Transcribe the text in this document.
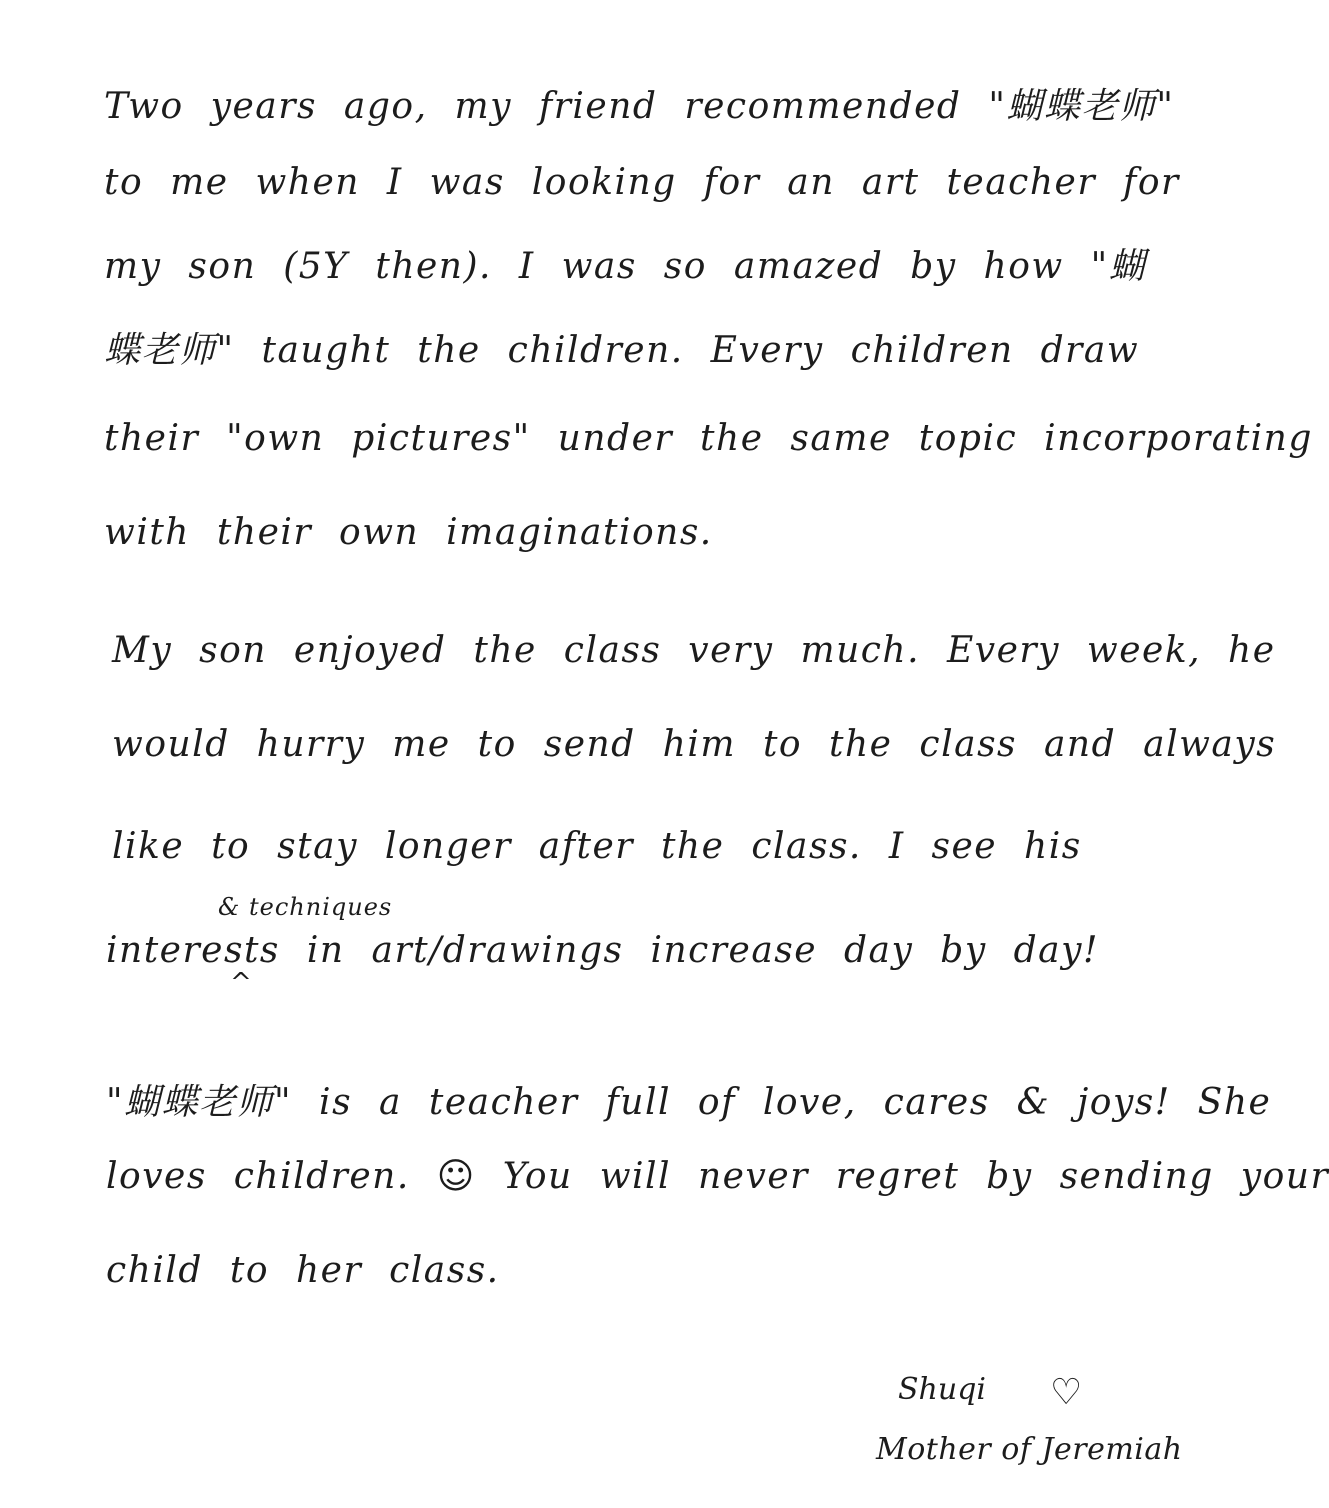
Two years ago, my friend recommended "蝴蝶老师"
to me when I was looking for an art teacher for
my son (5Y then). I was so amazed by how "蝴
蝶老师" taught the children. Every children draw
their "own pictures" under the same topic incorporating
with their own imaginations.
My son enjoyed the class very much. Every week, he
would hurry me to send him to the class and always
like to stay longer after the class. I see his
& techniques
interests in art/drawings increase day by day!
^
"蝴蝶老师" is a teacher full of love, cares & joys! She
loves children. ☺ You will never regret by sending your
child to her class.
Shuqi ♡
Mother of Jeremiah
